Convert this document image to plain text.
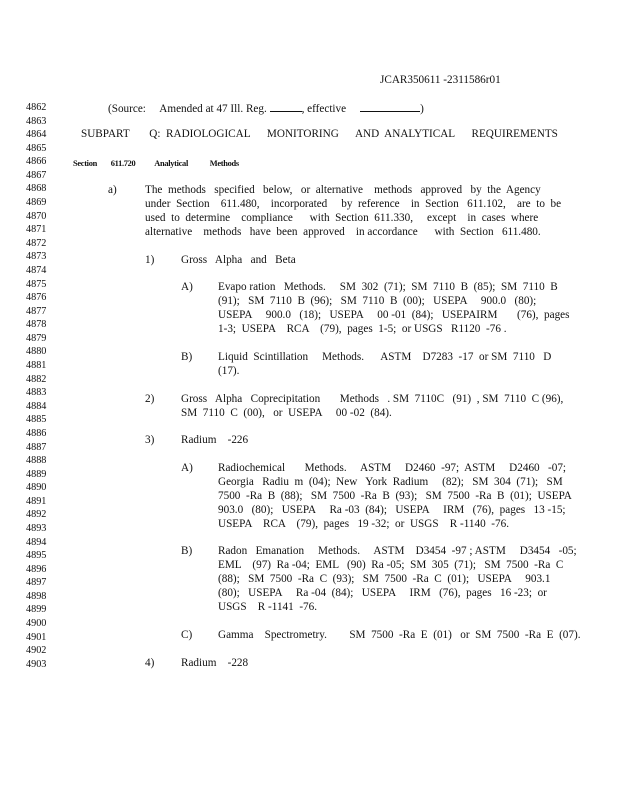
JCAR350611 -2311586r01
4862
4863
4864
4865
4866
4867
4868
4869
4870
4871
4872
4873
4874
4875
4876
4877
4878
4879
4880
4881
4882
4883
4884
4885
4886
4887
4888
4889
4890
4891
4892
4893
4894
4895
4896
4897
4898
4899
4900
4901
4902
4903
(Source: Amended at 47 Ill. Reg.	, effective	)
SUBPART Q: RADIOLOGICAL      MONITORING      AND  ANALYTICAL      REQUIREMENTS
Section 611.720 Analytical	Methods
a)	The  methods   specified   below,   or  alternative    methods   approved   by  the  Agency
under  Section    611.480,    incorporated     by  reference    in  Section   611.102,    are  to  be
used  to  determine    compliance      with  Section  611.330,     except    in  cases  where
alternative    methods   have  been  approved    in accordance      with  Section   611.480.
1) Gross   Alpha   and   Beta
A) Evapo ration   Methods.     SM  302  (71);  SM  7110  B  (85);  SM  7110  B
(91);   SM  7110  B  (96);   SM  7110  B  (00);   USEPA     900.0   (80);
USEPA     900.0   (18);   USEPA     00 -01  (84);   USEPAIRM       (76),  pages
1-3;  USEPA    RCA    (79),  pages  1-5;  or USGS   R1120  -76 .
B) Liquid  Scintillation     Methods.      ASTM    D7283  -17  or SM  7110   D
(17).
2) Gross   Alpha   Coprecipitation       Methods   . SM  7110C   (91)  , SM  7110  C (96),
SM  7110  C  (00),   or  USEPA     00 -02  (84).
3) Radium    -226
A) Radiochemical       Methods.     ASTM     D2460  -97;  ASTM     D2460   -07;
Georgia   Radiu  m  (04);  New   York  Radium     (82);   SM  304  (71);   SM
7500  -Ra  B  (88);   SM  7500  -Ra  B  (93);   SM  7500  -Ra  B  (01);  USEPA
903.0   (80);   USEPA     Ra -03  (84);   USEPA     IRM   (76),  pages   13 -15;
USEPA    RCA    (79),  pages   19 -32;  or  USGS    R -1140  -76.
B) Radon   Emanation     Methods.     ASTM    D3454  -97 ; ASTM     D3454   -05;
EML    (97)  Ra -04;  EML   (90)  Ra -05;  SM  305  (71);   SM  7500  -Ra  C
(88);   SM  7500  -Ra  C  (93);   SM  7500  -Ra  C  (01);   USEPA     903.1
(80);   USEPA     Ra -04  (84);   USEPA     IRM   (76),  pages   16 -23;  or
USGS    R -1141  -76.
C) Gamma    Spectrometry.        SM  7500  -Ra  E  (01)   or  SM  7500  -Ra  E  (07).
4) Radium    -228
